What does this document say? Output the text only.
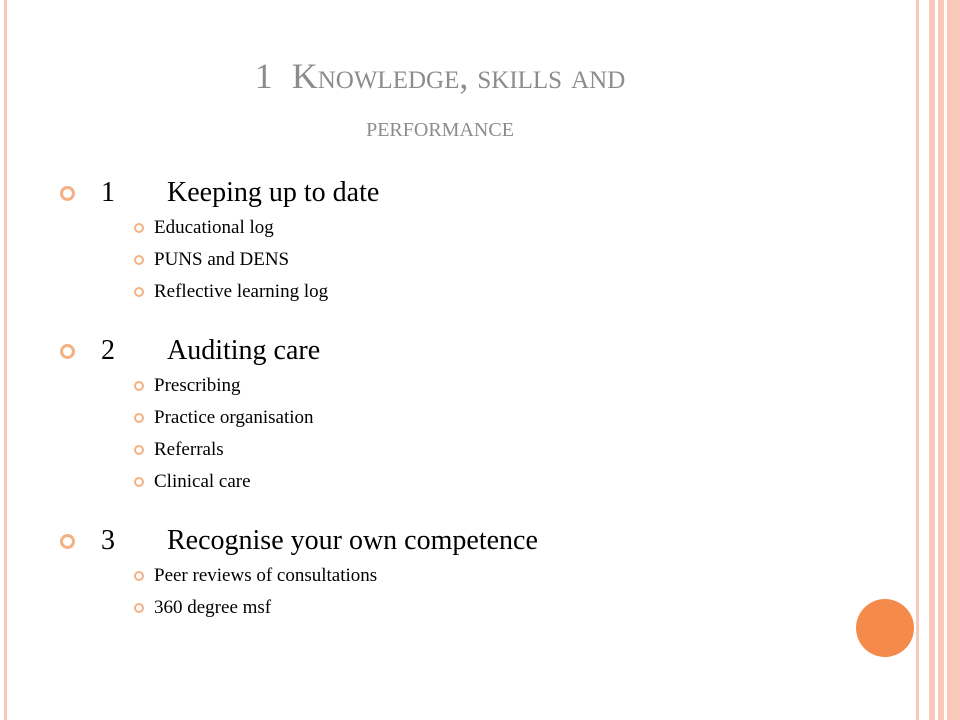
1 Knowledge, skills and
performance
1	Keeping up to date
Educational log
PUNS and DENS
Reflective learning log
2	Auditing care
Prescribing
Practice organisation
Referrals
Clinical care
3	Recognise your own competence
Peer reviews of consultations
360 degree msf
